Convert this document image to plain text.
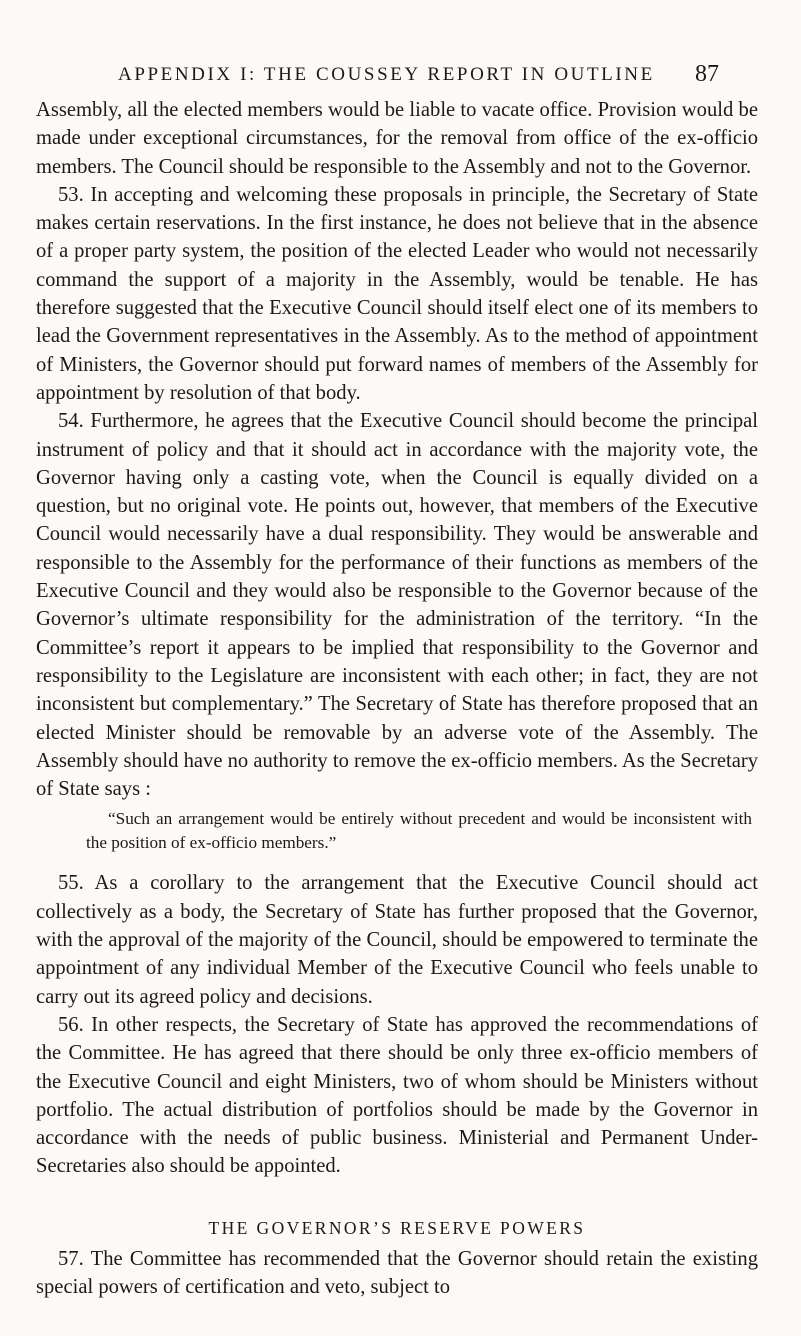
APPENDIX I: THE COUSSEY REPORT IN OUTLINE	87

Assembly, all the elected members would be liable to vacate office. Provision would be made under exceptional circumstances, for the removal from office of the ex-officio members. The Council should be responsible to the Assembly and not to the Governor.

53. In accepting and welcoming these proposals in principle, the Secretary of State makes certain reservations. In the first instance, he does not believe that in the absence of a proper party system, the position of the elected Leader who would not necessarily command the support of a majority in the Assembly, would be tenable. He has therefore suggested that the Executive Council should itself elect one of its members to lead the Government representatives in the Assembly. As to the method of appointment of Ministers, the Governor should put forward names of members of the Assembly for appointment by resolution of that body.

54. Furthermore, he agrees that the Executive Council should become the principal instrument of policy and that it should act in accordance with the majority vote, the Governor having only a casting vote, when the Council is equally divided on a question, but no original vote. He points out, however, that members of the Executive Council would necessarily have a dual responsibility. They would be answerable and responsible to the Assembly for the performance of their functions as members of the Executive Council and they would also be responsible to the Governor because of the Governor’s ultimate responsibility for the administration of the territory. “In the Committee’s report it appears to be implied that responsibility to the Governor and responsibility to the Legislature are inconsistent with each other; in fact, they are not inconsistent but complementary.” The Secretary of State has therefore proposed that an elected Minister should be removable by an adverse vote of the Assembly. The Assembly should have no authority to remove the ex-officio members. As the Secretary of State says :

“Such an arrangement would be entirely without precedent and would be inconsistent with the position of ex-officio members.”

55. As a corollary to the arrangement that the Executive Council should act collectively as a body, the Secretary of State has further proposed that the Governor, with the approval of the majority of the Council, should be empowered to terminate the appointment of any individual Member of the Executive Council who feels unable to carry out its agreed policy and decisions.

56. In other respects, the Secretary of State has approved the recommendations of the Committee. He has agreed that there should be only three ex-officio members of the Executive Council and eight Ministers, two of whom should be Ministers without portfolio. The actual distribution of portfolios should be made by the Governor in accordance with the needs of public business. Ministerial and Permanent Under-Secretaries also should be appointed.

THE GOVERNOR’S RESERVE POWERS

57. The Committee has recommended that the Governor should retain the existing special powers of certification and veto, subject to
